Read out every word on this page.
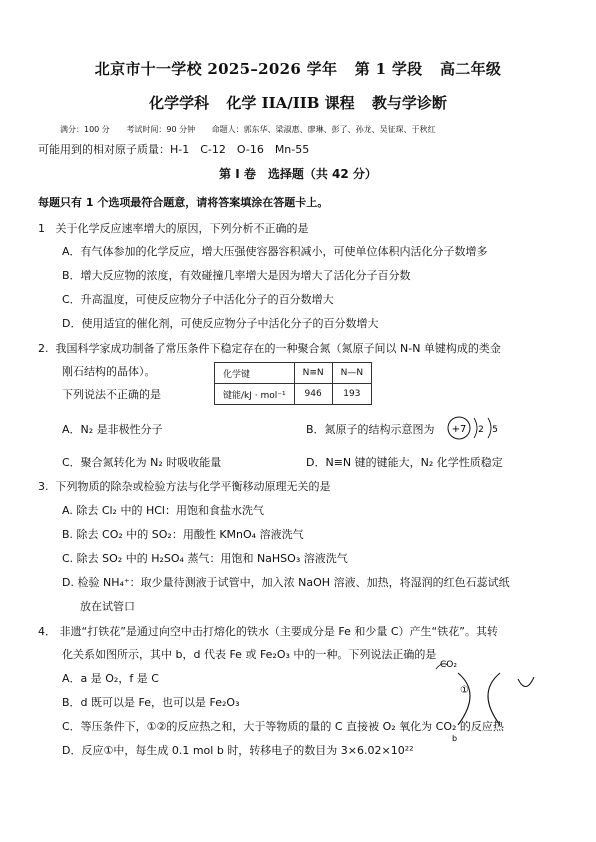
北京市十一学校 2025–2026 学年 第 1 学段 高二年级
化学学科 化学 IIA/IIB 课程 教与学诊断
满分：100 分 考试时间：90 分钟 命题人：郭东华、梁淑惠、廖琳、彭了、孙龙、吴征琛、于秋红
可能用到的相对原子质量：H-1　C-12　O-16　Mn-55
第 I 卷　选择题（共 42 分）
每题只有 1 个选项最符合题意，请将答案填涂在答题卡上。
1 关于化学反应速率增大的原因，下列分析不正确的是
A．有气体参加的化学反应，增大压强使容器容积减小，可使单位体积内活化分子数增多
B．增大反应物的浓度，有效碰撞几率增大是因为增大了活化分子百分数
C．升高温度，可使反应物分子中活化分子的百分数增大
D．使用适宜的催化剂，可使反应物分子中活化分子的百分数增大
2. 我国科学家成功制备了常压条件下稳定存在的一种聚合氮（氮原子间以 N-N 单键构成的类金
刚石结构的晶体）。
下列说法不正确的是
化学键	N≡N	N—N
键能/kJ · mol⁻¹	946	193
A．N₂ 是非极性分子	B．氮原子的结构示意图为 +7 2 5
C．聚合氮转化为 N₂ 时吸收能量	D．N≡N 键的键能大，N₂ 化学性质稳定
3. 下列物质的除杂或检验方法与化学平衡移动原理无关的是
A. 除去 Cl₂ 中的 HCl：用饱和食盐水洗气
B. 除去 CO₂ 中的 SO₂：用酸性 KMnO₄ 溶液洗气
C. 除去 SO₂ 中的 H₂SO₄ 蒸气：用饱和 NaHSO₃ 溶液洗气
D. 检验 NH₄⁺：取少量待测液于试管中，加入浓 NaOH 溶液、加热，将湿润的红色石蕊试纸
放在试管口
4． 非遗“打铁花”是通过向空中击打熔化的铁水（主要成分是 Fe 和少量 C）产生“铁花”。其转
化关系如图所示，其中 b，d 代表 Fe 或 Fe₂O₃ 中的一种。下列说法正确的是
A．a 是 O₂，f 是 C
B．d 既可以是 Fe，也可以是 Fe₂O₃
CO₂
①
b
C．等压条件下，①②的反应热之和，大于等物质的量的 C 直接被 O₂ 氧化为 CO₂ 的反应热
D．反应①中，每生成 0.1 mol b 时，转移电子的数目为 3×6.02×10²²
